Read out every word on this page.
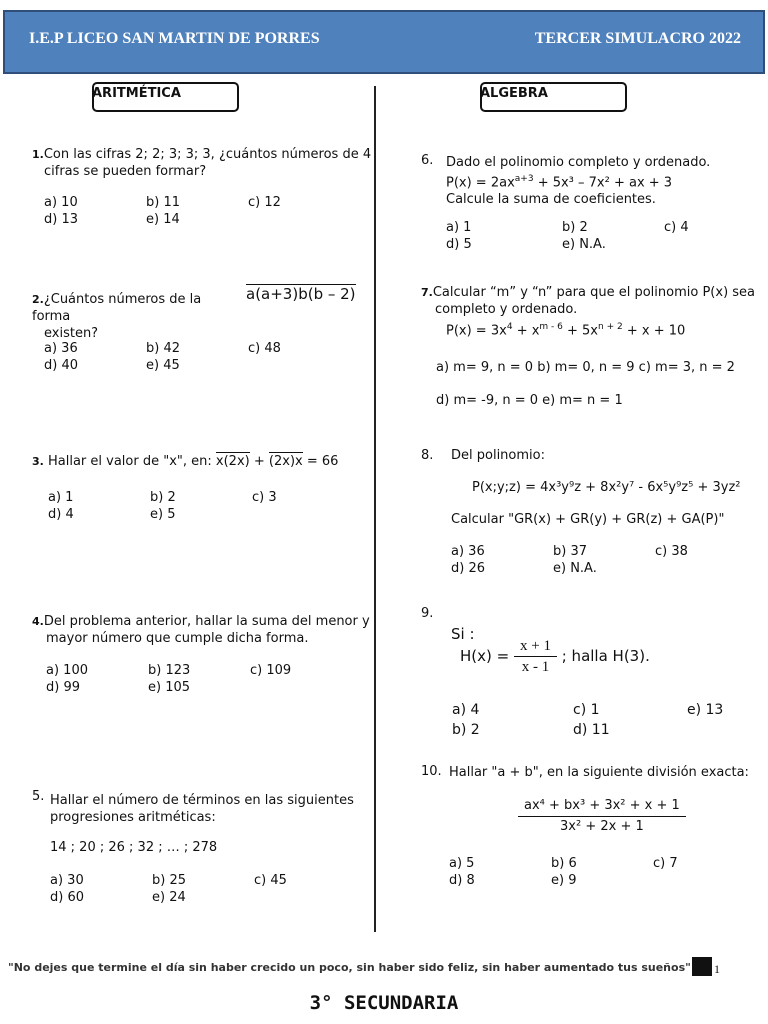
I.E.P LICEO SAN MARTIN DE PORRES	TERCER SIMULACRO 2022
ARITMÉTICA	ALGEBRA
1.Con las cifras 2; 2; 3; 3; 3, ¿cuántos números de 4
cifras se pueden formar?
a) 10	b) 11	c) 12
d) 13	e) 14
2.¿Cuántos números de la forma
existen?
a(a+3)b(b – 2)
a) 36	b) 42	c) 48
d) 40	e) 45
3. Hallar el valor de "x", en: x(2x) + (2x)x = 66
a) 1	b) 2	c) 3
d) 4	e) 5
4.Del problema anterior, hallar la suma del menor y
mayor número que cumple dicha forma.
a) 100	b) 123	c) 109
d) 99	e) 105
5. Hallar el número de términos en las siguientes
progresiones aritméticas:
14 ; 20 ; 26 ; 32 ; … ; 278
a) 30	b) 25	c) 45
d) 60	e) 24
6. Dado el polinomio completo y ordenado.
$P(x) = 2ax^{a+3} + 5x^3 - 7x^2$ + ax + 3
Calcule la suma de coeficientes.
a) 1	b) 2	c) 4
d) 5	e) N.A.
7.Calcular “m” y “n” para que el polinomio P(x) sea
completo y ordenado.
$P(x) = 3x^4 + x^{m - 6} + 5x^{n + 2} + x + 10$
a) m= 9, n = 0 b) m= 0, n = 9 c) m= 3, n = 2
d) m= -9, n = 0 e) m= n = 1
8. Del polinomio:
P(x;y;z) = 4x³y⁹z + 8x²y⁷ - 6x⁵y⁹z⁵ + 3yz²
Calcular "GR(x) + GR(y) + GR(z) + GA(P)"
a) 36	b) 37	c) 38
d) 26	e) N.A.
9.
Si :
$H(x) = \frac{x + 1}{x - 1}$ ; halla H(3).
a) 4	c) 1	e) 13
b) 2	d) 11
10. Hallar "a + b", en la siguiente división exacta:
$\frac{\text{ax⁴ + bx³ + 3x² + x + 1}}{\text{3x² + 2x + 1}}$
a) 5	b) 6	c) 7
d) 8	e) 9
"No dejes que termine el día sin haber crecido un poco, sin haber sido feliz, sin haber aumentado tus sueños" 1
3° SECUNDARIA
